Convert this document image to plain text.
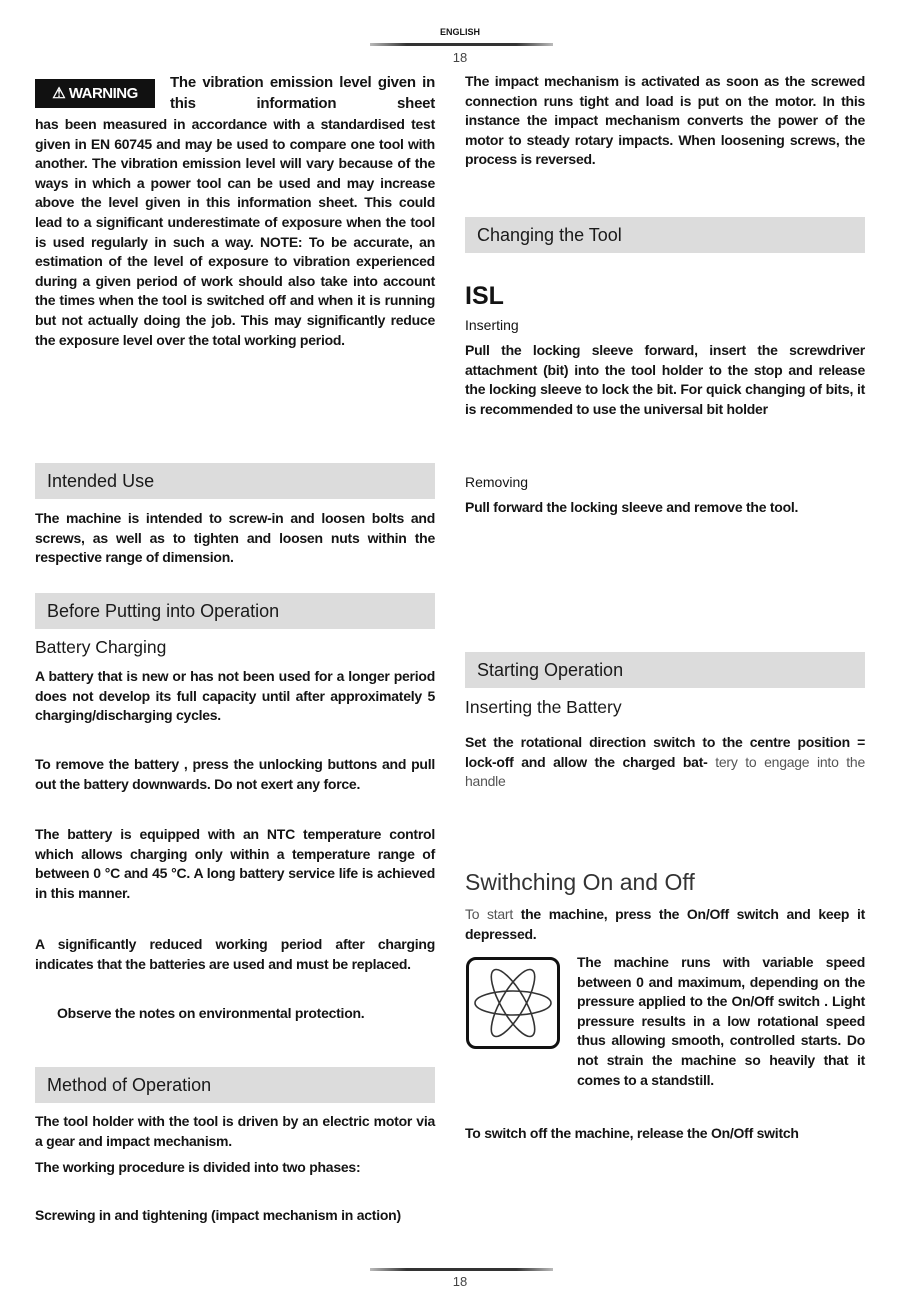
ENGLISH
18
⚠ WARNING

The vibration emission level given in this information sheet

has been measured in accordance with a standardised test given in EN 60745 and may be used to compare one tool with another. The vibration emission level will vary because of the ways in which a power tool can be used and may increase above the level given in this information sheet. This could lead to a significant underestimate of exposure when the tool is used regularly in such a way. NOTE: To be accurate, an estimation of the level of exposure to vibration experienced during a given period of work should also take into account the times when the tool is switched off and when it is running but not actually doing the job. This may significantly reduce the exposure level over the total working period.

Intended Use

The machine is intended to screw-in and loosen bolts and screws, as well as to tighten and loosen nuts within the respective range of dimension.

Before Putting into Operation
Battery Charging

A battery that is new or has not been used for a longer period does not develop its full capacity until after approximately 5 charging/discharging cycles.

To remove the battery , press the unlocking buttons and pull out the battery downwards. Do not exert any force.

The battery is equipped with an NTC temperature control which allows charging only within a temperature range of between 0 °C and 45 °C. A long battery service life is achieved in this manner.

A significantly reduced working period after charging indicates that the batteries are used and must be replaced.

Observe the notes on environmental protection.

Method of Operation

The tool holder with the tool is driven by an electric motor via a gear and impact mechanism.

The working procedure is divided into two phases:

Screwing in and tightening (impact mechanism in action)

The impact mechanism is activated as soon as the screwed connection runs tight and load is put on the motor. In this instance the impact mechanism converts the power of the motor to steady rotary impacts. When loosening screws, the process is reversed.

Changing the Tool
ISL
Inserting

Pull the locking sleeve forward, insert the screwdriver attachment (bit) into the tool holder to the stop and release the locking sleeve to lock the bit. For quick changing of bits, it is recommended to use the universal bit holder

Removing

Pull forward the locking sleeve and remove the tool.

Starting Operation
Inserting the Battery

Set the rotational direction switch to the centre position = lock-off and allow the charged bat- tery to engage into the handle

Swithching On and Off

To start the machine, press the On/Off switch and keep it depressed.

The machine runs with variable speed between 0 and maximum, depending on the pressure applied to the On/Off switch . Light pressure results in a low rotational speed thus allowing smooth, controlled starts. Do not strain the machine so heavily that it comes to a standstill.

To switch off the machine, release the On/Off switch

18
